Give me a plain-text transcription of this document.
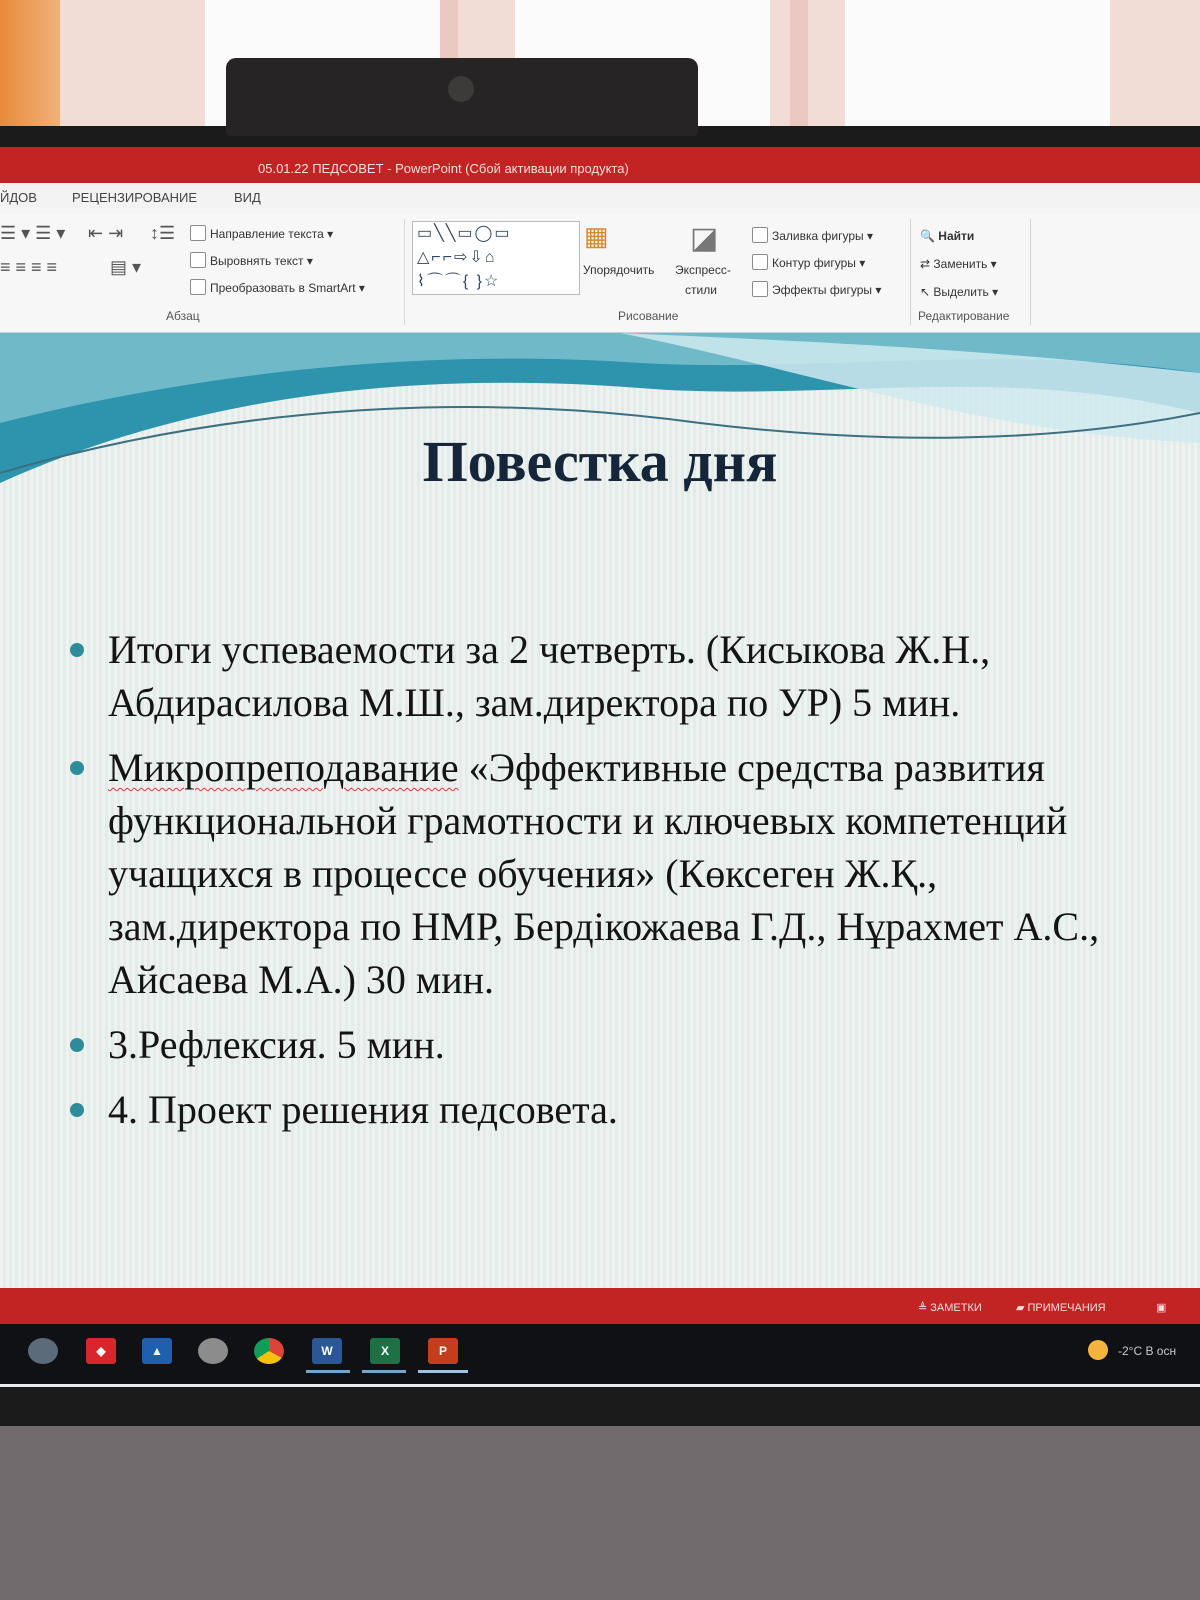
05.01.22 ПЕДСОВЕТ - PowerPoint (Сбой активации продукта)
ЙДОВ	РЕЦЕНЗИРОВАНИЕ	ВИД
☰ ▾ ☰ ▾ ⇤ ⇥ ↕☰
≡ ≡ ≡ ≡	▤ ▾
Направление текста ▾
Выровнять текст ▾
Преобразовать в SmartArt ▾
Абзац
▭╲╲▭◯▭
△⌐⌐⇨⇩⌂
⌇⌒⌒{ }☆
▦
Упорядочить
◪
Экспресс-
стили
Заливка фигуры ▾
Контур фигуры ▾
Эффекты фигуры ▾
Рисование
🔍 Найти
⇄ Заменить ▾
↖ Выделить ▾
Редактирование
Повестка дня
Итоги успеваемости за 2 четверть. (Кисыкова Ж.Н., Абдирасилова М.Ш., зам.директора по УР) 5 мин.
Микропреподавание «Эффективные средства развития функциональной грамотности и ключевых компетенций учащихся в процессе обучения» (Көксеген Ж.Қ., зам.директора по НМР, Бердікожаева Г.Д., Нұрахмет А.С., Айсаева М.А.) 30 мин.
3.Рефлексия. 5 мин.
4. Проект решения педсовета.
≜ ЗАМЕТКИ	▰ ПРИМЕЧАНИЯ	▣
◆	▲	W	X	P	-2°C В осн
